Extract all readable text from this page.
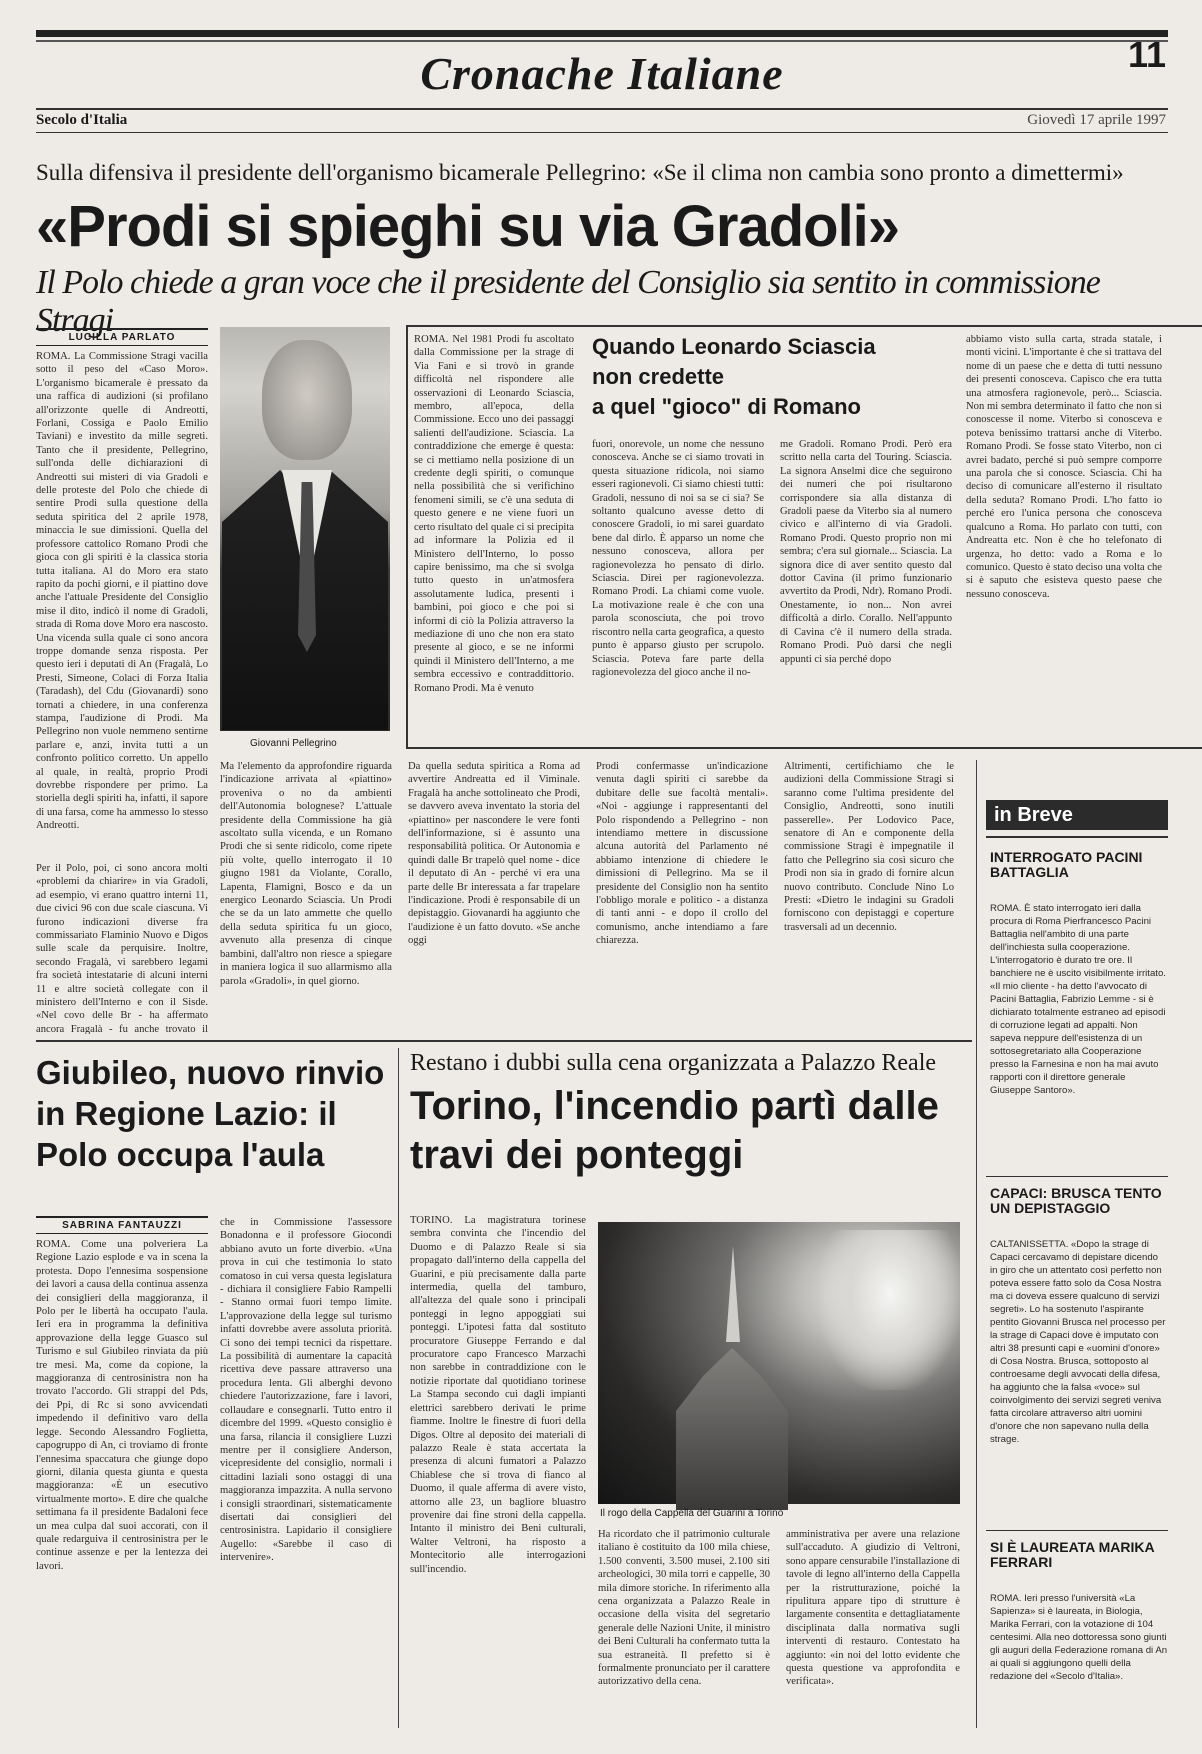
Cronache Italiane	11
Secolo d'Italia	Giovedì 17 aprile 1997
Sulla difensiva il presidente dell'organismo bicamerale Pellegrino: «Se il clima non cambia sono pronto a dimettermi»
«Prodi si spieghi su via Gradoli»
Il Polo chiede a gran voce che il presidente del Consiglio sia sentito in commissione Stragi
LUCILLA PARLATO
ROMA. La Commissione Stragi vacilla sotto il peso del «Caso Moro». L'organismo bicamerale è pressato da una raffica di audizioni (si profilano all'orizzonte quelle di Andreotti, Forlani, Cossiga e Paolo Emilio Taviani) e investito da mille segreti. Tanto che il presidente, Pellegrino, sull'onda delle dichiarazioni di Andreotti sui misteri di via Gradoli e delle proteste del Polo che chiede di sentire Prodi sulla questione della seduta spiritica del 2 aprile 1978, minaccia le sue dimissioni. Quella del professore cattolico Romano Prodi che gioca con gli spiriti è la classica storia tutta italiana. Al do Moro era stato rapito da pochi giorni, e il piattino dove anche l'attuale Presidente del Consiglio mise il dito, indicò il nome di Gradoli, strada di Roma dove Moro era nascosto. Una vicenda sulla quale ci sono ancora troppe domande senza risposta. Per questo ieri i deputati di An (Fragalà, Lo Presti, Simeone, Colaci di Forza Italia (Taradash), del Cdu (Giovanardi) sono tornati a chiedere, in una conferenza stampa, l'audizione di Prodi. Ma Pellegrino non vuole nemmeno sentirne parlare e, anzi, invita tutti a un confronto politico corretto. Un appello al quale, in realtà, proprio Prodi dovrebbe rispondere per primo. La storiella degli spiriti ha, infatti, il sapore di una farsa, come ha ammesso lo stesso Andreotti.
Giovanni Pellegrino
ROMA. Nel 1981 Prodi fu ascoltato dalla Commissione per la strage di Via Fani e si trovò in grande difficoltà nel rispondere alle osservazioni di Leonardo Sciascia, membro, all'epoca, della Commissione. Ecco uno dei passaggi salienti dell'audizione. Sciascia. La contraddizione che emerge è questa: se ci mettiamo nella posizione di un credente degli spiriti, o comunque nella possibilità che si verifichino fenomeni simili, se c'è una seduta di questo genere e ne viene fuori un certo risultato del quale ci si precipita ad informare la Polizia ed il Ministero dell'Interno, lo posso capire benissimo, ma che si svolga tutto questo in un'atmosfera assolutamente ludica, presenti i bambini, poi gioco e che poi si informi di ciò la Polizia attraverso la mediazione di uno che non era stato presente al gioco, e se ne informi quindi il Ministero dell'Interno, a me sembra eccessivo e contraddittorio. Romano Prodi. Ma è venuto
Quando Leonardo Sciascia
non credette
a quel "gioco" di Romano
fuori, onorevole, un nome che nessuno conosceva. Anche se ci siamo trovati in questa situazione ridicola, noi siamo esseri ragionevoli. Ci siamo chiesti tutti: Gradoli, nessuno di noi sa se ci sia? Se soltanto qualcuno avesse detto di conoscere Gradoli, io mi sarei guardato bene dal dirlo. È apparso un nome che nessuno conosceva, allora per ragionevolezza ho pensato di dirlo. Sciascia. Direi per ragionevolezza. Romano Prodi. La chiami come vuole. La motivazione reale è che con una parola sconosciuta, che poi trovo riscontro nella carta geografica, a questo punto è apparso giusto per scrupolo. Sciascia. Poteva fare parte della ragionevolezza del gioco anche il no-
me Gradoli. Romano Prodi. Però era scritto nella carta del Touring. Sciascia. La signora Anselmi dice che seguirono dei numeri che poi risultarono corrispondere sia alla distanza di Gradoli paese da Viterbo sia al numero civico e all'interno di via Gradoli. Romano Prodi. Questo proprio non mi sembra; c'era sul giornale... Sciascia. La signora dice di aver sentito questo dal dottor Cavina (il primo funzionario avvertito da Prodi, Ndr). Romano Prodi. Onestamente, io non... Non avrei difficoltà a dirlo. Corallo. Nell'appunto di Cavina c'è il numero della strada. Romano Prodi. Può darsi che negli appunti ci sia perché dopo
abbiamo visto sulla carta, strada statale, i monti vicini. L'importante è che si trattava del nome di un paese che e detta di tutti nessuno dei presenti conosceva. Capisco che era tutta una atmosfera ragionevole, però... Sciascia. Non mi sembra determinato il fatto che non si conoscesse il nome. Viterbo si conosceva e poteva benissimo trattarsi anche di Viterbo. Romano Prodi. Se fosse stato Viterbo, non ci avrei badato, perché si può sempre comporre una parola che si conosce. Sciascia. Chi ha deciso di comunicare all'esterno il risultato della seduta? Romano Prodi. L'ho fatto io perché ero l'unica persona che conosceva qualcuno a Roma. Ho parlato con tutti, con Andreatta etc. Non è che ho telefonato di urgenza, ho detto: vado a Roma e lo comunico. Questo è stato deciso una volta che si è saputo che esisteva questo paese che nessuno conosceva.
Per il Polo, poi, ci sono ancora molti «problemi da chiarire» in via Gradoli, ad esempio, vi erano quattro interni 11, due civici 96 con due scale ciascuna. Vi furono indicazioni diverse fra commissariato Flaminio Nuovo e Digos sulle scale da perquisire. Inoltre, secondo Fragalà, vi sarebbero legami fra società intestatarie di alcuni interni 11 e altre società collegate con il ministero dell'Interno e con il Sisde. «Nel covo delle Br - ha affermato ancora Fragalà - fu anche trovato il
Ma l'elemento da approfondire riguarda l'indicazione arrivata al «piattino» proveniva o no da ambienti dell'Autonomia bolognese? L'attuale presidente della Commissione ha già ascoltato sulla vicenda, e un Romano Prodi che si sente ridicolo, come ripete più volte, quello interrogato il 10 giugno 1981 da Violante, Corallo, Lapenta, Flamigni, Bosco e da un energico Leonardo Sciascia. Un Prodi che se da un lato ammette che quello della seduta spiritica fu un gioco, avvenuto alla presenza di cinque bambini, dall'altro non riesce a spiegare in maniera logica il suo allarmismo alla parola «Gradoli», in quel giorno.
Da quella seduta spiritica a Roma ad avvertire Andreatta ed il Viminale. Fragalà ha anche sottolineato che Prodi, se davvero aveva inventato la storia del «piattino» per nascondere le vere fonti dell'informazione, si è assunto una responsabilità politica. Or Autonomia e quindi dalle Br trapelò quel nome - dice il deputato di An - perché vi era una parte delle Br interessata a far trapelare l'indicazione. Prodi è responsabile di un depistaggio. Giovanardi ha aggiunto che l'audizione è un fatto dovuto. «Se anche oggi
Prodi confermasse un'indicazione venuta dagli spiriti ci sarebbe da dubitare delle sue facoltà mentali». «Noi - aggiunge i rappresentanti del Polo rispondendo a Pellegrino - non intendiamo mettere in discussione alcuna autorità del Parlamento né abbiamo intenzione di chiedere le dimissioni di Pellegrino. Ma se il presidente del Consiglio non ha sentito l'obbligo morale e politico - a distanza di tanti anni - e dopo il crollo del comunismo, anche intendiamo a fare chiarezza.
Altrimenti, certifichiamo che le audizioni della Commissione Stragi si saranno come l'ultima presidente del Consiglio, Andreotti, sono inutili passerelle». Per Lodovico Pace, senatore di An e componente della commissione Stragi è impegnatile il fatto che Pellegrino sia così sicuro che Prodi non sia in grado di fornire alcun nuovo contributo. Conclude Nino Lo Presti: «Dietro le indagini su Gradoli forniscono con depistaggi e coperture trasversali ad un decennio.
Giubileo, nuovo rinvio in Regione Lazio: il Polo occupa l'aula
SABRINA FANTAUZZI
ROMA. Come una polveriera La Regione Lazio esplode e va in scena la protesta. Dopo l'ennesima sospensione dei lavori a causa della continua assenza dei consiglieri della maggioranza, il Polo per le libertà ha occupato l'aula. Ieri era in programma la definitiva approvazione della legge Guasco sul Turismo e sul Giubileo rinviata da più tre mesi. Ma, come da copione, la maggioranza di centrosinistra non ha trovato l'accordo. Gli strappi del Pds, dei Ppi, di Rc si sono avvicendati impedendo il definitivo varo della legge. Secondo Alessandro Foglietta, capogruppo di An, ci troviamo di fronte l'ennesima spaccatura che giunge dopo giorni, dilania questa giunta e questa maggioranza: «È un esecutivo virtualmente morto». E dire che qualche settimana fa il presidente Badaloni fece un mea culpa dal suoi accorati, con il quale redarguiva il centrosinistra per le continue assenze e per la lentezza dei lavori.
che in Commissione l'assessore Bonadonna e il professore Giocondi abbiano avuto un forte diverbio. «Una prova in cui che testimonia lo stato comatoso in cui versa questa legislatura - dichiara il consigliere Fabio Rampelli - Stanno ormai fuori tempo limite. L'approvazione della legge sul turismo infatti dovrebbe avere assoluta priorità. Ci sono dei tempi tecnici da rispettare. La possibilità di aumentare la capacità ricettiva deve passare attraverso una procedura lenta. Gli alberghi devono chiedere l'autorizzazione, fare i lavori, collaudare e consegnarli. Tutto entro il dicembre del 1999. «Questo consiglio è una farsa, rilancia il consigliere Luzzi mentre per il consigliere Anderson, vicepresidente del consiglio, normali i cittadini laziali sono ostaggi di una maggioranza impazzita. A nulla servono i consigli straordinari, sistematicamente disertati dai consiglieri del centrosinistra. Lapidario il consigliere Augello: «Sarebbe il caso di intervenire».
Restano i dubbi sulla cena organizzata a Palazzo Reale
Torino, l'incendio partì dalle travi dei ponteggi
TORINO. La magistratura torinese sembra convinta che l'incendio del Duomo e di Palazzo Reale si sia propagato dall'interno della cappella del Guarini, e più precisamente dalla parte intermedia, quella del tamburo, all'altezza del quale sono i principali ponteggi in legno appoggiati sui ponteggi. L'ipotesi fatta dal sostituto procuratore Giuseppe Ferrando e dal procuratore capo Francesco Marzachì non sarebbe in contraddizione con le notizie riportate dal quotidiano torinese La Stampa secondo cui dagli impianti elettrici sarebbero derivati le prime fiamme. Inoltre le finestre di fuori della Digos. Oltre al deposito dei materiali di palazzo Reale è stata accertata la presenza di alcuni fumatori a Palazzo Chiablese che si trova di fianco al Duomo, il quale afferma di avere visto, attorno alle 23, un bagliore bluastro provenire dai fine stroni della cappella. Intanto il ministro dei Beni culturali, Walter Veltroni, ha risposto a Montecitorio alle interrogazioni sull'incendio.
Il rogo della Cappella del Guarini a Torino
Ha ricordato che il patrimonio culturale italiano è costituito da 100 mila chiese, 1.500 conventi, 3.500 musei, 2.100 siti archeologici, 30 mila torri e cappelle, 30 mila dimore storiche. In riferimento alla cena organizzata a Palazzo Reale in occasione della visita del segretario generale delle Nazioni Unite, il ministro dei Beni Culturali ha confermato tutta la sua estraneità. Il prefetto si è formalmente pronunciato per il carattere autorizzativo della cena.
amministrativa per avere una relazione sull'accaduto. A giudizio di Veltroni, sono appare censurabile l'installazione di tavole di legno all'interno della Cappella per la ristrutturazione, poiché la ripulitura appare tipo di strutture è largamente consentita e dettagliatamente disciplinata dalla normativa sugli interventi di restauro. Contestato ha aggiunto: «in noi del lotto evidente che questa questione va approfondita e verificata».
in Breve
INTERROGATO PACINI BATTAGLIA
ROMA. È stato interrogato ieri dalla procura di Roma Pierfrancesco Pacini Battaglia nell'ambito di una parte dell'inchiesta sulla cooperazione. L'interrogatorio è durato tre ore. Il banchiere ne è uscito visibilmente irritato. «Il mio cliente - ha detto l'avvocato di Pacini Battaglia, Fabrizio Lemme - si è dichiarato totalmente estraneo ad episodi di corruzione legati ad appalti. Non sapeva neppure dell'esistenza di un sottosegretariato alla Cooperazione presso la Farnesina e non ha mai avuto rapporti con il direttore generale Giuseppe Santoro».
CAPACI: BRUSCA TENTO UN DEPISTAGGIO
CALTANISSETTA. «Dopo la strage di Capaci cercavamo di depistare dicendo in giro che un attentato così perfetto non poteva essere fatto solo da Cosa Nostra ma ci doveva essere qualcuno di servizi segreti». Lo ha sostenuto l'aspirante pentito Giovanni Brusca nel processo per la strage di Capaci dove è imputato con altri 38 presunti capi e «uomini d'onore» di Cosa Nostra. Brusca, sottoposto al controesame degli avvocati della difesa, ha aggiunto che la falsa «voce» sul coinvolgimento dei servizi segreti veniva fatta circolare attraverso altri uomini d'onore che non sapevano nulla della strage.
SI È LAUREATA MARIKA FERRARI
ROMA. Ieri presso l'università «La Sapienza» si è laureata, in Biologia, Marika Ferrari, con la votazione di 104 centesimi. Alla neo dottoressa sono giunti gli auguri della Federazione romana di An ai quali si aggiungono quelli della redazione del «Secolo d'Italia».
